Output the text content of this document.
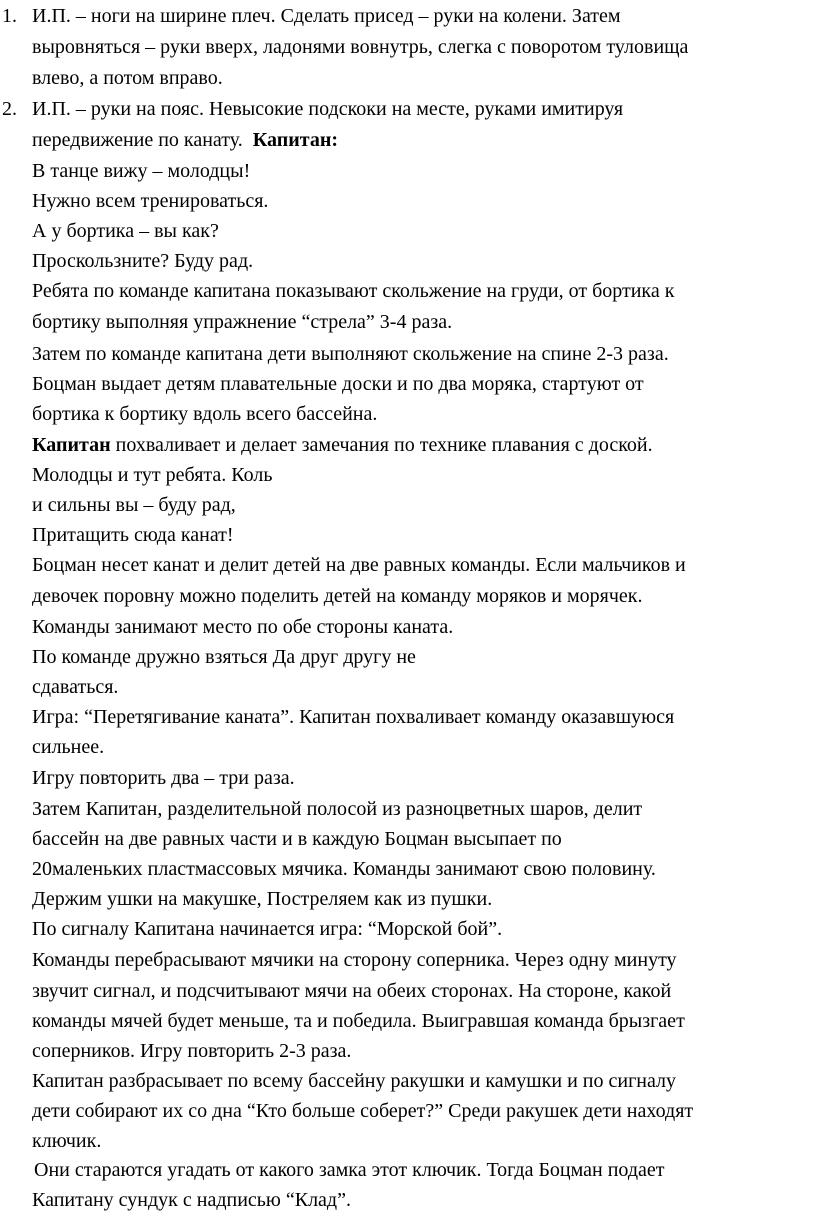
1. И.П. – ноги на ширине плеч. Сделать присед – руки на колени. Затем
выровняться – руки вверх, ладонями вовнутрь, слегка с поворотом туловища
влево, а потом вправо.
2. И.П. – руки на пояс. Невысокие подскоки на месте, руками имитируя
передвижение по канату. Капитан:
В танце вижу – молодцы!
Нужно всем тренироваться.
А у бортика – вы как?
Проскользните? Буду рад.
Ребята по команде капитана показывают скольжение на груди, от бортика к
бортику выполняя упражнение “стрела” 3-4 раза.
Затем по команде капитана дети выполняют скольжение на спине 2-3 раза.
Боцман выдает детям плавательные доски и по два моряка, стартуют от
бортика к бортику вдоль всего бассейна.
Капитан похваливает и делает замечания по технике плавания с доской.
Молодцы и тут ребята. Коль
и сильны вы – буду рад,
Притащить сюда канат!
Боцман несет канат и делит детей на две равных команды. Если мальчиков и
девочек поровну можно поделить детей на команду моряков и морячек.
Команды занимают место по обе стороны каната.
По команде дружно взяться Да друг другу не
сдаваться.
Игра: “Перетягивание каната”. Капитан похваливает команду оказавшуюся
сильнее.
Игру повторить два – три раза.
Затем Капитан, разделительной полосой из разноцветных шаров, делит
бассейн на две равных части и в каждую Боцман высыпает по
20маленьких пластмассовых мячика. Команды занимают свою половину.
Держим ушки на макушке, Постреляем как из пушки.
По сигналу Капитана начинается игра: “Морской бой”.
Команды перебрасывают мячики на сторону соперника. Через одну минуту
звучит сигнал, и подсчитывают мячи на обеих сторонах. На стороне, какой
команды мячей будет меньше, та и победила. Выигравшая команда брызгает
соперников. Игру повторить 2-3 раза.
Капитан разбрасывает по всему бассейну ракушки и камушки и по сигналу
дети собирают их со дна “Кто больше соберет?” Среди ракушек дети находят
ключик.
Они стараются угадать от какого замка этот ключик. Тогда Боцман подает
Капитану сундук с надписью “Клад”.
